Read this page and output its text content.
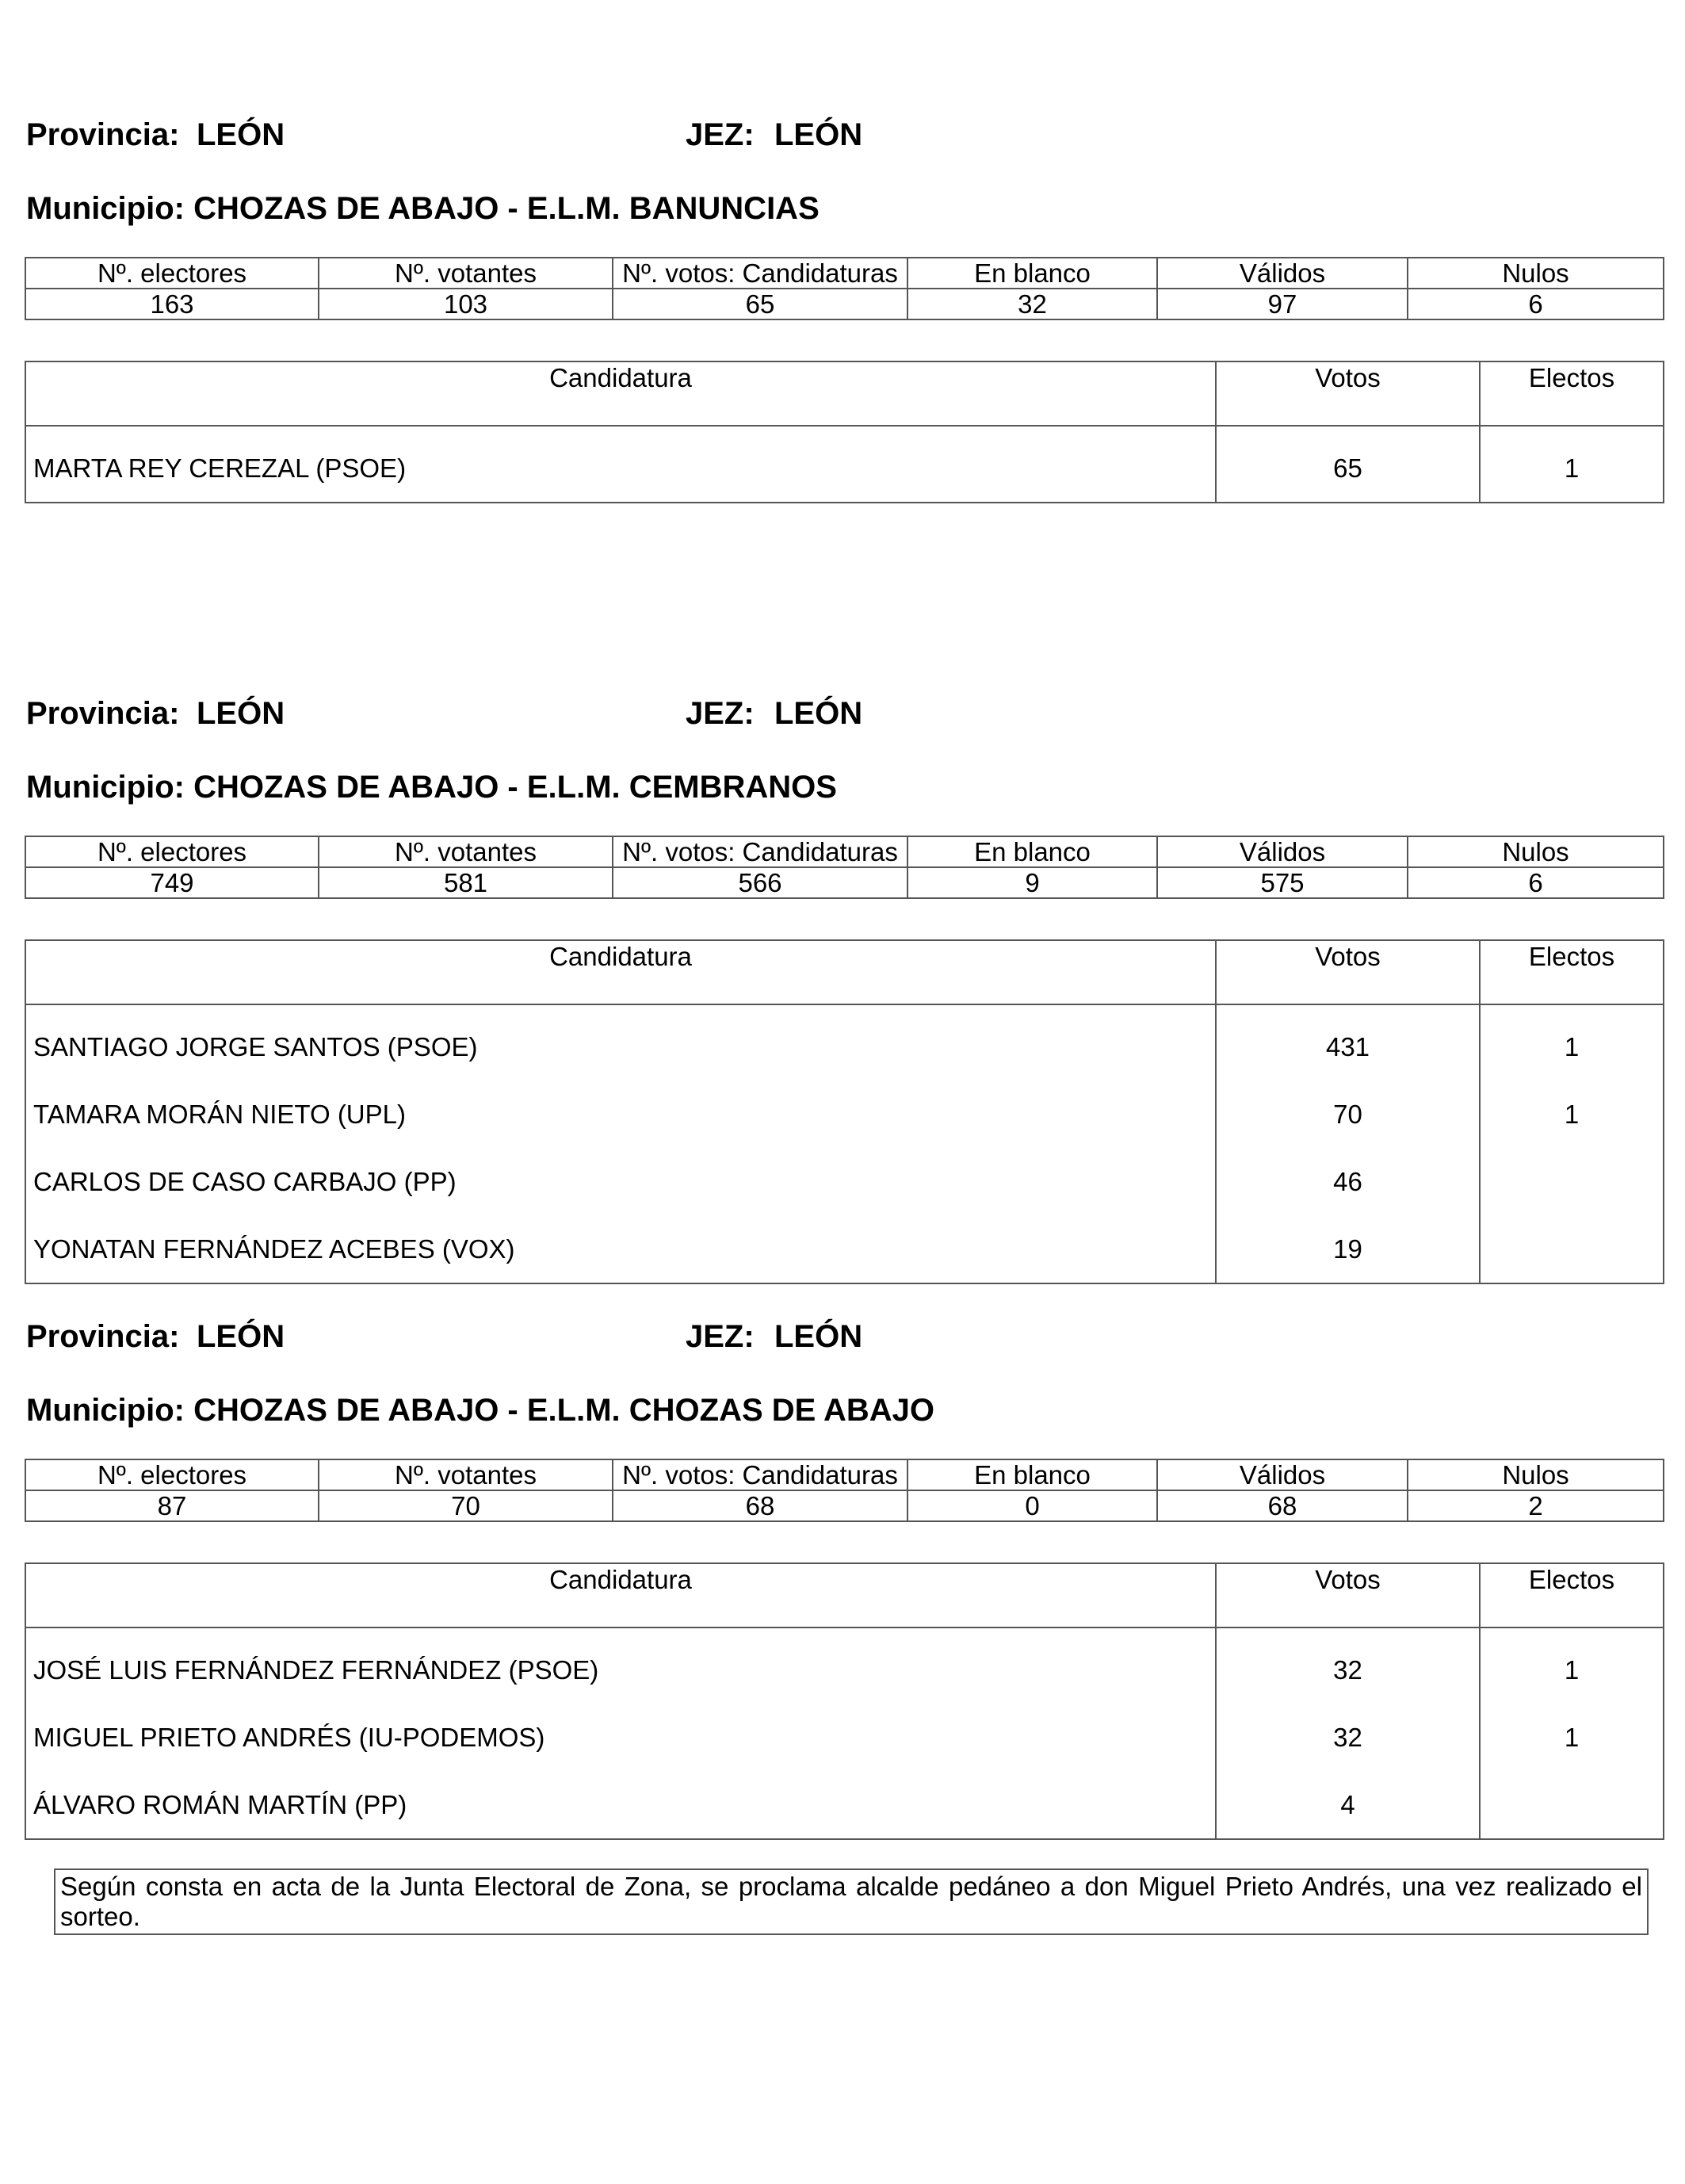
Provincia: LEÓN	JEZ: LEÓN
Municipio: CHOZAS DE ABAJO - E.L.M. BANUNCIAS
Nº. electores	Nº. votantes	Nº. votos: Candidaturas	En blanco	Válidos	Nulos
163	103	65	32	97	6
Candidatura	Votos	Electos
MARTA REY CEREZAL (PSOE)	65	1
Provincia: LEÓN	JEZ: LEÓN
Municipio: CHOZAS DE ABAJO - E.L.M. CEMBRANOS
Nº. electores	Nº. votantes	Nº. votos: Candidaturas	En blanco	Válidos	Nulos
749	581	566	9	575	6
Candidatura	Votos	Electos
SANTIAGO JORGE SANTOS (PSOE)	431	1
TAMARA MORÁN NIETO (UPL)	70	1
CARLOS DE CASO CARBAJO (PP)	46	
YONATAN FERNÁNDEZ ACEBES (VOX)	19	
Provincia: LEÓN	JEZ: LEÓN
Municipio: CHOZAS DE ABAJO - E.L.M. CHOZAS DE ABAJO
Nº. electores	Nº. votantes	Nº. votos: Candidaturas	En blanco	Válidos	Nulos
87	70	68	0	68	2
Candidatura	Votos	Electos
JOSÉ LUIS FERNÁNDEZ FERNÁNDEZ (PSOE)	32	1
MIGUEL PRIETO ANDRÉS (IU-PODEMOS)	32	1
ÁLVARO ROMÁN MARTÍN (PP)	4	
Según consta en acta de la Junta Electoral de Zona, se proclama alcalde pedáneo a don Miguel Prieto Andrés, una vez realizado el sorteo.
